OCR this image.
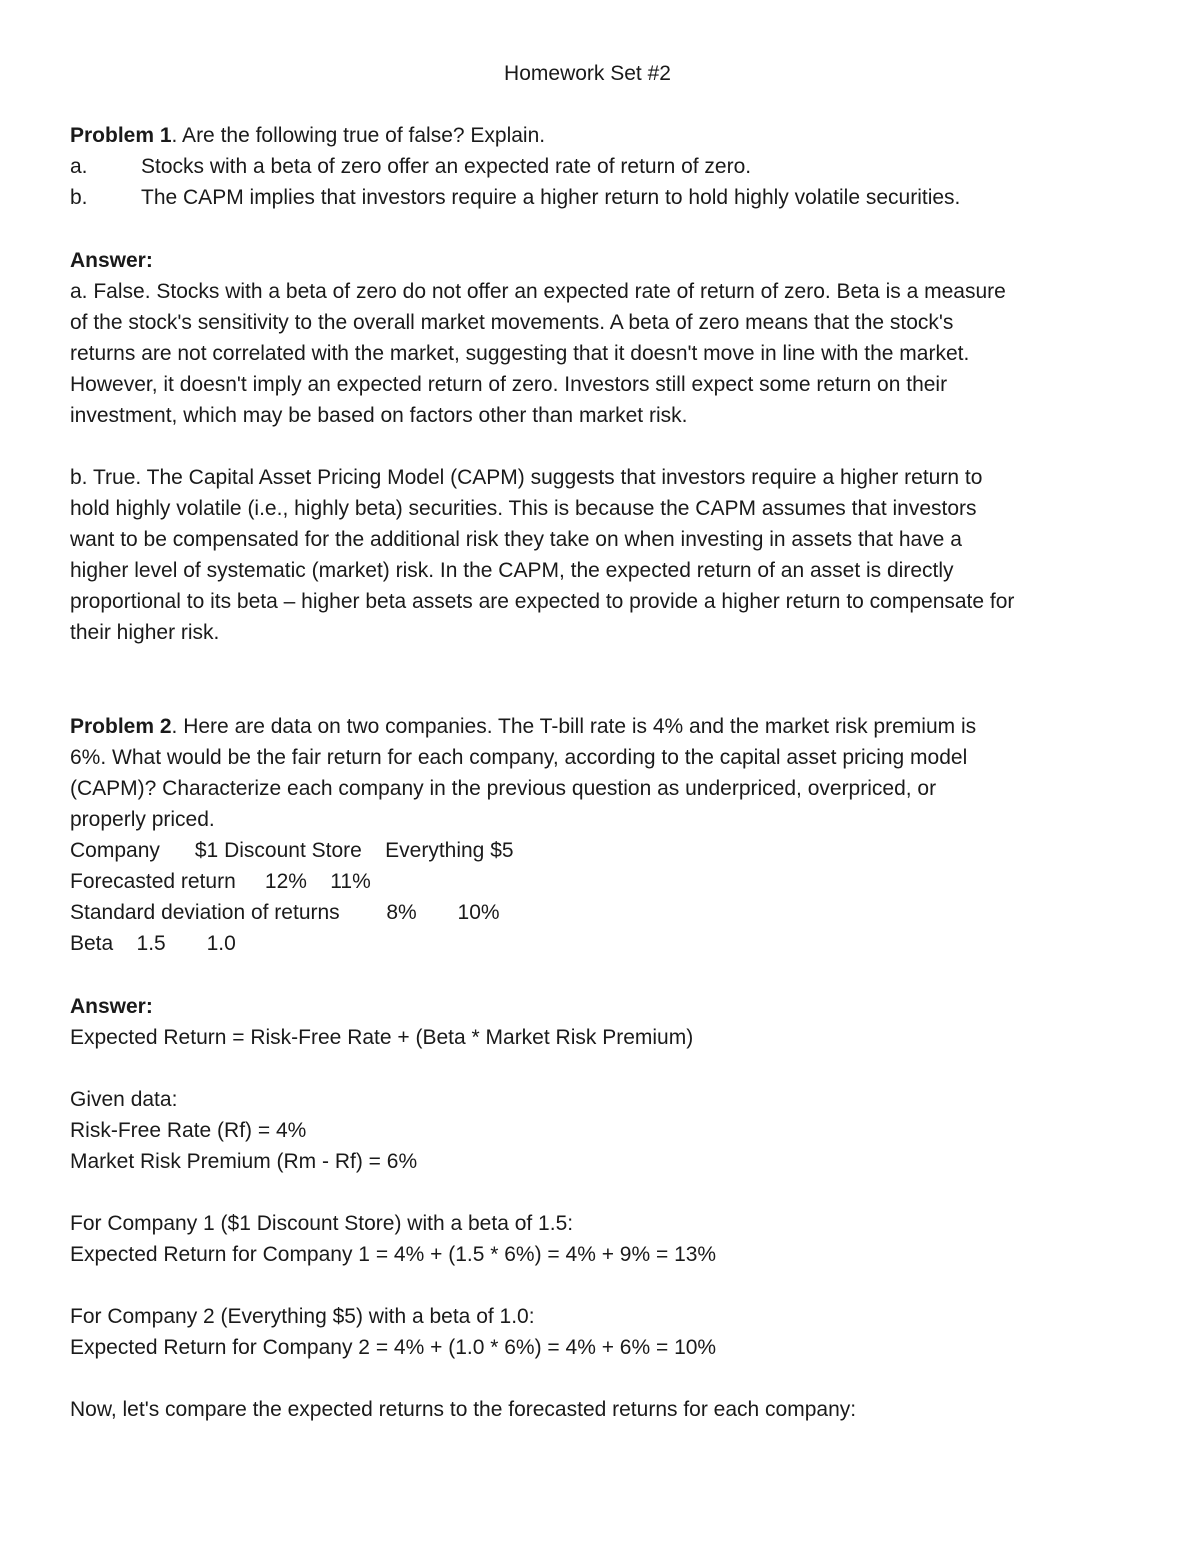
Homework Set #2
Problem 1. Are the following true of false? Explain.
a.	Stocks with a beta of zero offer an expected rate of return of zero.
b.	The CAPM implies that investors require a higher return to hold highly volatile securities.
Answer:
a. False. Stocks with a beta of zero do not offer an expected rate of return of zero. Beta is a measure
of the stock's sensitivity to the overall market movements. A beta of zero means that the stock's
returns are not correlated with the market, suggesting that it doesn't move in line with the market.
However, it doesn't imply an expected return of zero. Investors still expect some return on their
investment, which may be based on factors other than market risk.
b. True. The Capital Asset Pricing Model (CAPM) suggests that investors require a higher return to
hold highly volatile (i.e., highly beta) securities. This is because the CAPM assumes that investors
want to be compensated for the additional risk they take on when investing in assets that have a
higher level of systematic (market) risk. In the CAPM, the expected return of an asset is directly
proportional to its beta – higher beta assets are expected to provide a higher return to compensate for
their higher risk.
Problem 2. Here are data on two companies. The T-bill rate is 4% and the market risk premium is
6%. What would be the fair return for each company, according to the capital asset pricing model
(CAPM)? Characterize each company in the previous question as underpriced, overpriced, or
properly priced.
Company      $1 Discount Store    Everything $5
Forecasted return     12%    11%
Standard deviation of returns        8%       10%
Beta    1.5       1.0
Answer:
Expected Return = Risk-Free Rate + (Beta * Market Risk Premium)
Given data:
Risk-Free Rate (Rf) = 4%
Market Risk Premium (Rm - Rf) = 6%
For Company 1 ($1 Discount Store) with a beta of 1.5:
Expected Return for Company 1 = 4% + (1.5 * 6%) = 4% + 9% = 13%
For Company 2 (Everything $5) with a beta of 1.0:
Expected Return for Company 2 = 4% + (1.0 * 6%) = 4% + 6% = 10%
Now, let's compare the expected returns to the forecasted returns for each company:
